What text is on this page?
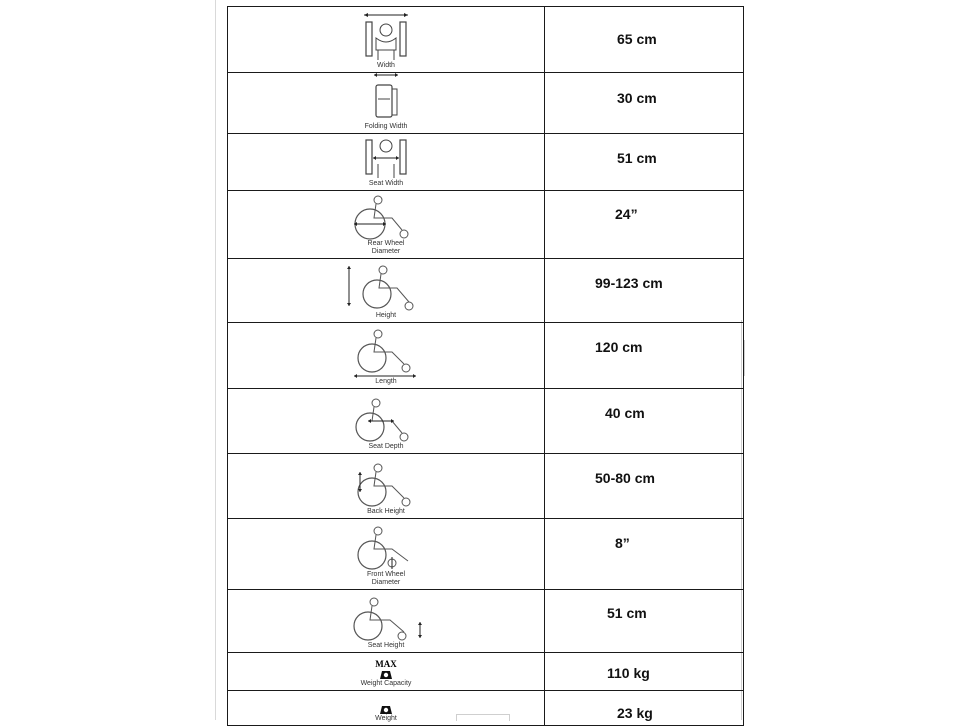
Width	65 cm

Folding Width	30 cm

Seat Width	51 cm

Rear Wheel
Diameter	24”

Height	99-123 cm

Length	120 cm

Seat Depth	40 cm

Back Height	50-80 cm

Front Wheel
Diameter	8”

Seat Height	51 cm

MAX
Weight Capacity	110 kg

Weight	23 kg
